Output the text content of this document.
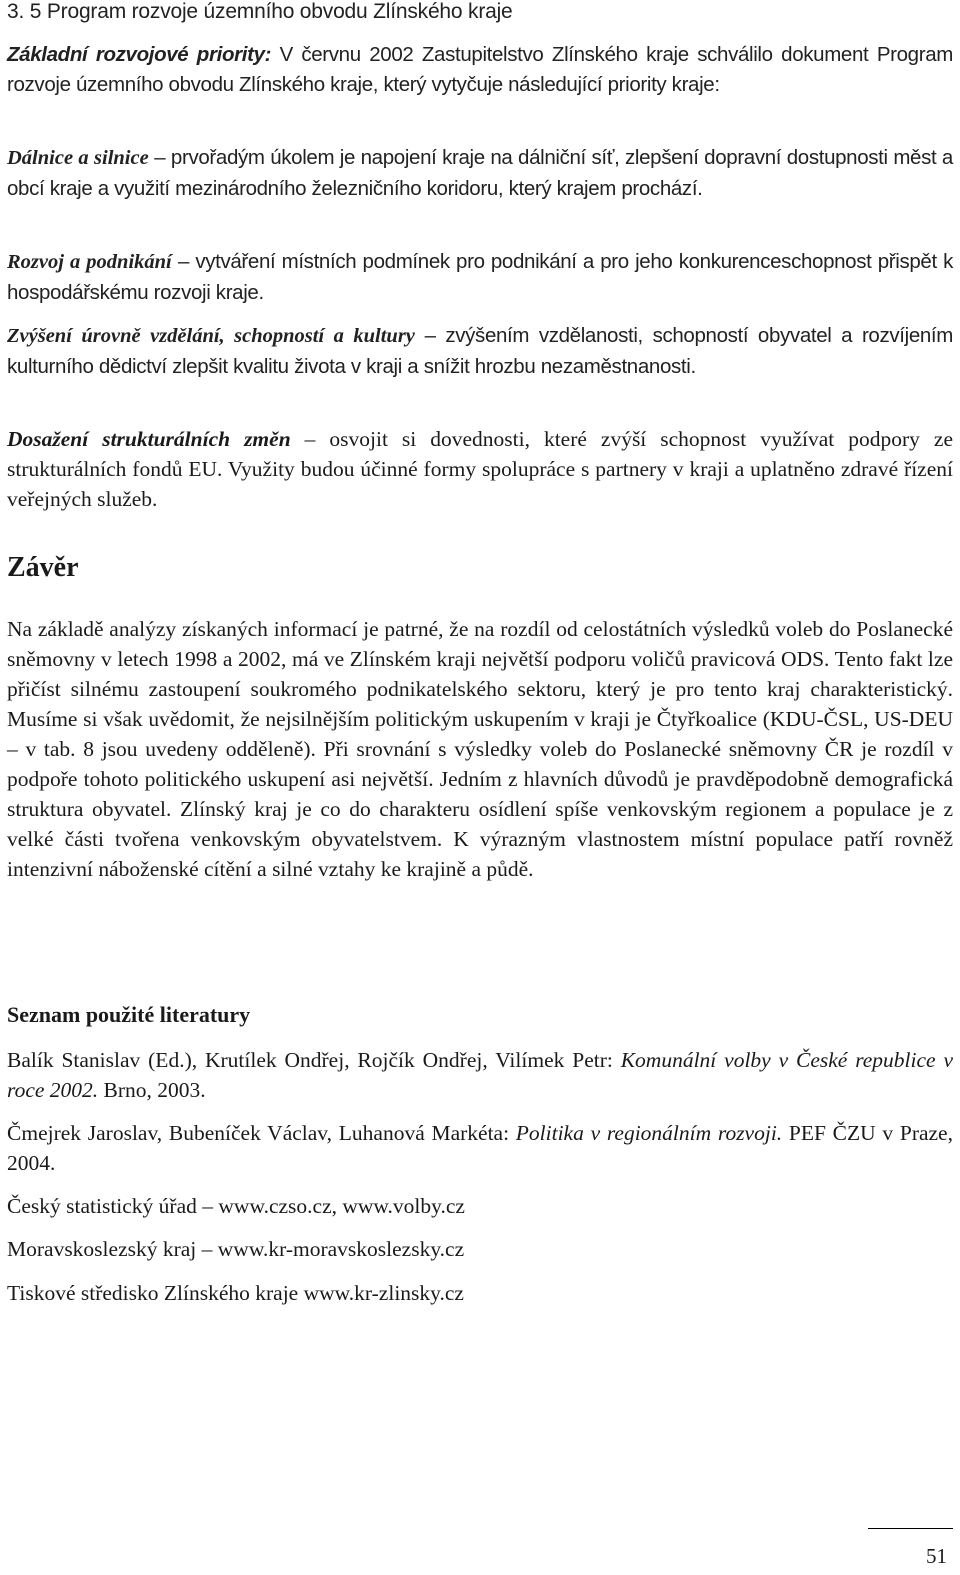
3. 5 Program rozvoje územního obvodu Zlínského kraje

Základní rozvojové priority: V červnu 2002 Zastupitelstvo Zlínského kraje schválilo dokument Program rozvoje územního obvodu Zlínského kraje, který vytyčuje následující priority kraje:

Dálnice a silnice – prvořadým úkolem je napojení kraje na dálniční síť, zlepšení dopravní dostupnosti měst a obcí kraje a využití mezinárodního železničního koridoru, který krajem prochází.

Rozvoj a podnikání – vytváření místních podmínek pro podnikání a pro jeho konkurenceschopnost přispět k hospodářskému rozvoji kraje.

Zvýšení úrovně vzdělání, schopností a kultury – zvýšením vzdělanosti, schopností obyvatel a rozvíjením kulturního dědictví zlepšit kvalitu života v kraji a snížit hrozbu nezaměstnanosti.

Dosažení strukturálních změn – osvojit si dovednosti, které zvýší schopnost využívat podpory ze strukturálních fondů EU. Využity budou účinné formy spolupráce s partnery v kraji a uplatněno zdravé řízení veřejných služeb.

Závěr

Na základě analýzy získaných informací je patrné, že na rozdíl od celostátních výsledků voleb do Poslanecké sněmovny v letech 1998 a 2002, má ve Zlínském kraji největší podporu voličů pravicová ODS. Tento fakt lze přičíst silnému zastoupení soukromého podnikatelského sektoru, který je pro tento kraj charakteristický. Musíme si však uvědomit, že nejsilnějším politickým uskupením v kraji je Čtyřkoalice (KDU-ČSL, US-DEU – v tab. 8 jsou uvedeny odděleně). Při srovnání s výsledky voleb do Poslanecké sněmovny ČR je rozdíl v podpoře tohoto politického uskupení asi největší. Jedním z hlavních důvodů je pravděpodobně demografická struktura obyvatel. Zlínský kraj je co do charakteru osídlení spíše venkovským regionem a populace je z velké části tvořena venkovským obyvatelstvem. K výrazným vlastnostem místní populace patří rovněž intenzivní náboženské cítění a silné vztahy ke krajině a půdě.

Seznam použité literatury

Balík Stanislav (Ed.), Krutílek Ondřej, Rojčík Ondřej, Vilímek Petr: Komunální volby v České republice v roce 2002. Brno, 2003.

Čmejrek Jaroslav, Bubeníček Václav, Luhanová Markéta: Politika v regionálním rozvoji. PEF ČZU v Praze, 2004.

Český statistický úřad – www.czso.cz, www.volby.cz

Moravskoslezský kraj – www.kr-moravskoslezsky.cz

Tiskové středisko Zlínského kraje www.kr-zlinsky.cz

51
